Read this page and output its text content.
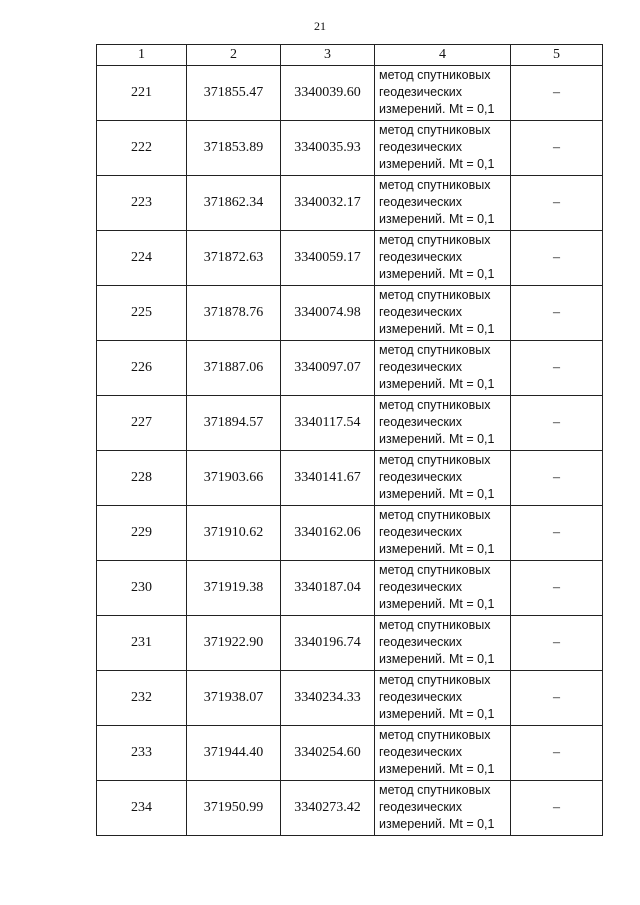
21
1	2	3	4	5
221	371855.47	3340039.60	метод спутниковых
геодезических
измерений. Mt = 0,1	–
222	371853.89	3340035.93	метод спутниковых
геодезических
измерений. Mt = 0,1	–
223	371862.34	3340032.17	метод спутниковых
геодезических
измерений. Mt = 0,1	–
224	371872.63	3340059.17	метод спутниковых
геодезических
измерений. Mt = 0,1	–
225	371878.76	3340074.98	метод спутниковых
геодезических
измерений. Mt = 0,1	–
226	371887.06	3340097.07	метод спутниковых
геодезических
измерений. Mt = 0,1	–
227	371894.57	3340117.54	метод спутниковых
геодезических
измерений. Mt = 0,1	–
228	371903.66	3340141.67	метод спутниковых
геодезических
измерений. Mt = 0,1	–
229	371910.62	3340162.06	метод спутниковых
геодезических
измерений. Mt = 0,1	–
230	371919.38	3340187.04	метод спутниковых
геодезических
измерений. Mt = 0,1	–
231	371922.90	3340196.74	метод спутниковых
геодезических
измерений. Mt = 0,1	–
232	371938.07	3340234.33	метод спутниковых
геодезических
измерений. Mt = 0,1	–
233	371944.40	3340254.60	метод спутниковых
геодезических
измерений. Mt = 0,1	–
234	371950.99	3340273.42	метод спутниковых
геодезических
измерений. Mt = 0,1	–
